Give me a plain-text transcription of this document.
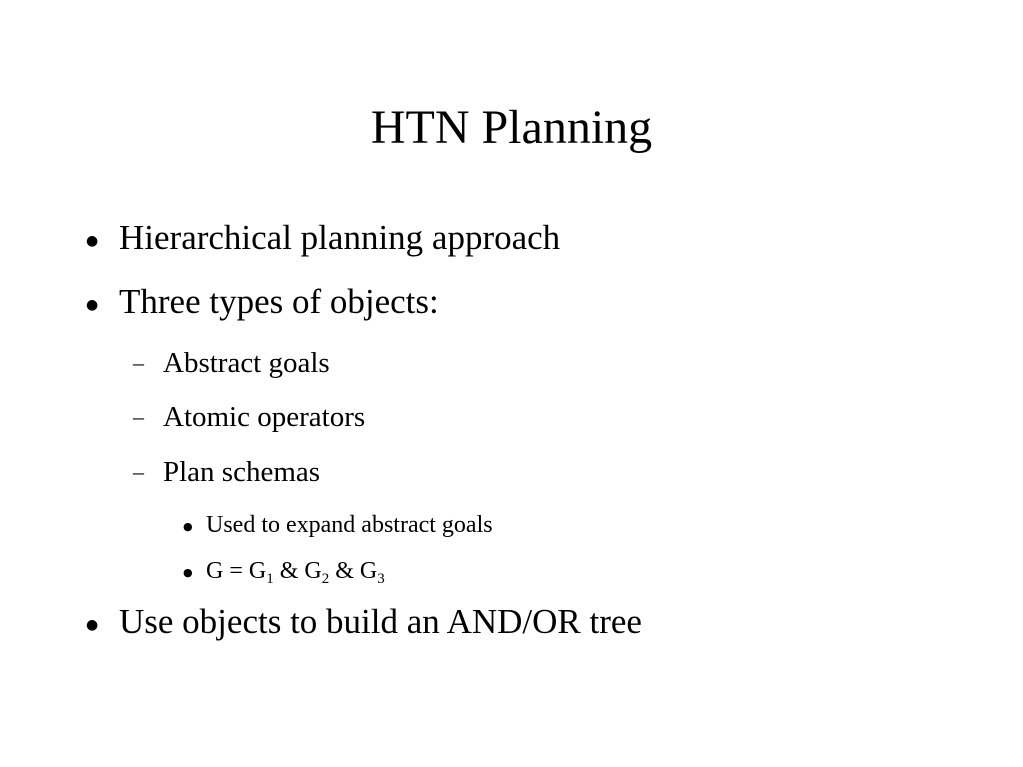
HTN Planning
● Hierarchical planning approach
● Three types of objects:
– Abstract goals
– Atomic operators
– Plan schemas
● Used to expand abstract goals
● $G = G_1$ & $G_2$ & $G_3$
● Use objects to build an AND/OR tree
